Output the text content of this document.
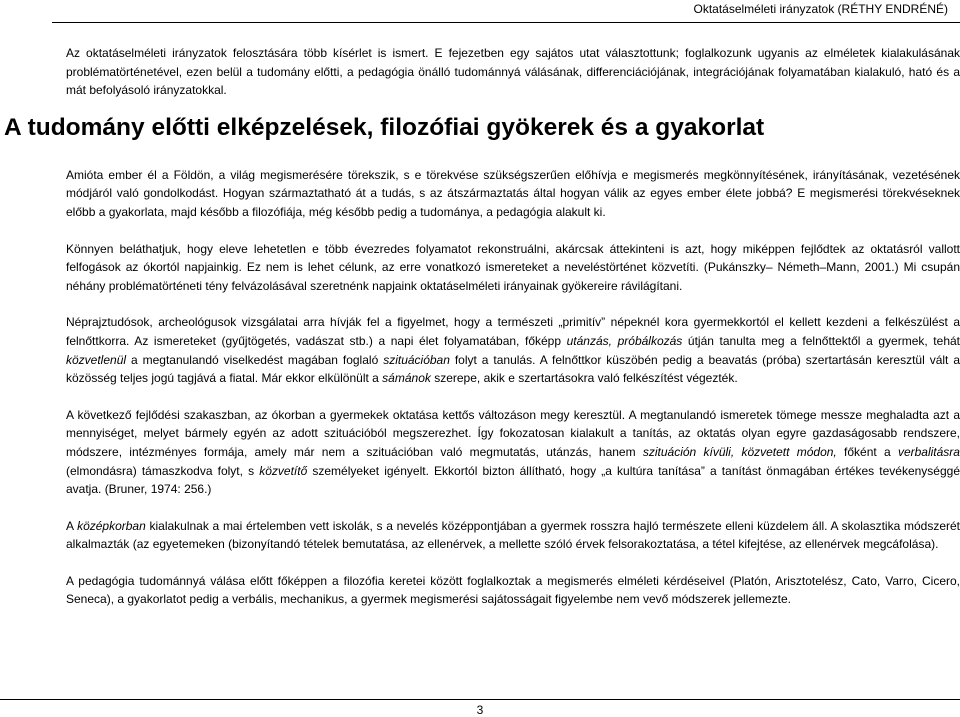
Oktatáselméleti irányzatok (RÉTHY ENDRÉNÉ)

Az oktatáselméleti irányzatok felosztására több kísérlet is ismert. E fejezetben egy sajátos utat választottunk; foglalkozunk ugyanis az elméletek kialakulásának problématörténetével, ezen belül a tudomány előtti, a pedagógia önálló tudománnyá válásának, differenciációjának, integrációjának folyamatában kialakuló, ható és a mát befolyásoló irányzatokkal.

A tudomány előtti elképzelések, filozófiai gyökerek és a gyakorlat

Amióta ember él a Földön, a világ megismerésére törekszik, s e törekvése szükségszerűen előhívja e megismerés megkönnyítésének, irányításának, vezetésének módjáról való gondolkodást. Hogyan származtatható át a tudás, s az átszármaztatás által hogyan válik az egyes ember élete jobbá? E megismerési törekvéseknek előbb a gyakorlata, majd később a filozófiája, még később pedig a tudománya, a pedagógia alakult ki.

Könnyen beláthatjuk, hogy eleve lehetetlen e több évezredes folyamatot rekonstruálni, akárcsak áttekinteni is azt, hogy miképpen fejlődtek az oktatásról vallott felfogások az ókortól napjainkig. Ez nem is lehet célunk, az erre vonatkozó ismereteket a neveléstörténet közvetíti. (Pukánszky– Németh–Mann, 2001.) Mi csupán néhány problématörténeti tény felvázolásával szeretnénk napjaink oktatáselméleti irányainak gyökereire rávilágítani.

Néprajztudósok, archeológusok vizsgálatai arra hívják fel a figyelmet, hogy a természeti „primitív” népeknél kora gyermekkortól el kellett kezdeni a felkészülést a felnőttkorra. Az ismereteket (gyűjtögetés, vadászat stb.) a napi élet folyamatában, főképp utánzás, próbálkozás útján tanulta meg a felnőttektől a gyermek, tehát közvetlenül a megtanulandó viselkedést magában foglaló szituációban folyt a tanulás. A felnőttkor küszöbén pedig a beavatás (próba) szertartásán keresztül vált a közösség teljes jogú tagjává a fiatal. Már ekkor elkülönült a sámánok szerepe, akik e szertartásokra való felkészítést végezték.

A következő fejlődési szakaszban, az ókorban a gyermekek oktatása kettős változáson megy keresztül. A megtanulandó ismeretek tömege messze meghaladta azt a mennyiséget, melyet bármely egyén az adott szituációból megszerezhet. Így fokozatosan kialakult a tanítás, az oktatás olyan egyre gazdaságosabb rendszere, módszere, intézményes formája, amely már nem a szituációban való megmutatás, utánzás, hanem szituáción kívüli, közvetett módon, főként a verbalitásra (elmondásra) támaszkodva folyt, s közvetítő személyeket igényelt. Ekkortól bizton állítható, hogy „a kultúra tanítása” a tanítást önmagában értékes tevékenységgé avatja. (Bruner, 1974: 256.)

A középkorban kialakulnak a mai értelemben vett iskolák, s a nevelés középpontjában a gyermek rosszra hajló természete elleni küzdelem áll. A skolasztika módszerét alkalmazták (az egyetemeken (bizonyítandó tételek bemutatása, az ellenérvek, a mellette szóló érvek felsorakoztatása, a tétel kifejtése, az ellenérvek megcáfolása).

A pedagógia tudománnyá válása előtt főképpen a filozófia keretei között foglalkoztak a megismerés elméleti kérdéseivel (Platón, Arisztotelész, Cato, Varro, Cicero, Seneca), a gyakorlatot pedig a verbális, mechanikus, a gyermek megismerési sajátosságait figyelembe nem vevő módszerek jellemezte.

3
